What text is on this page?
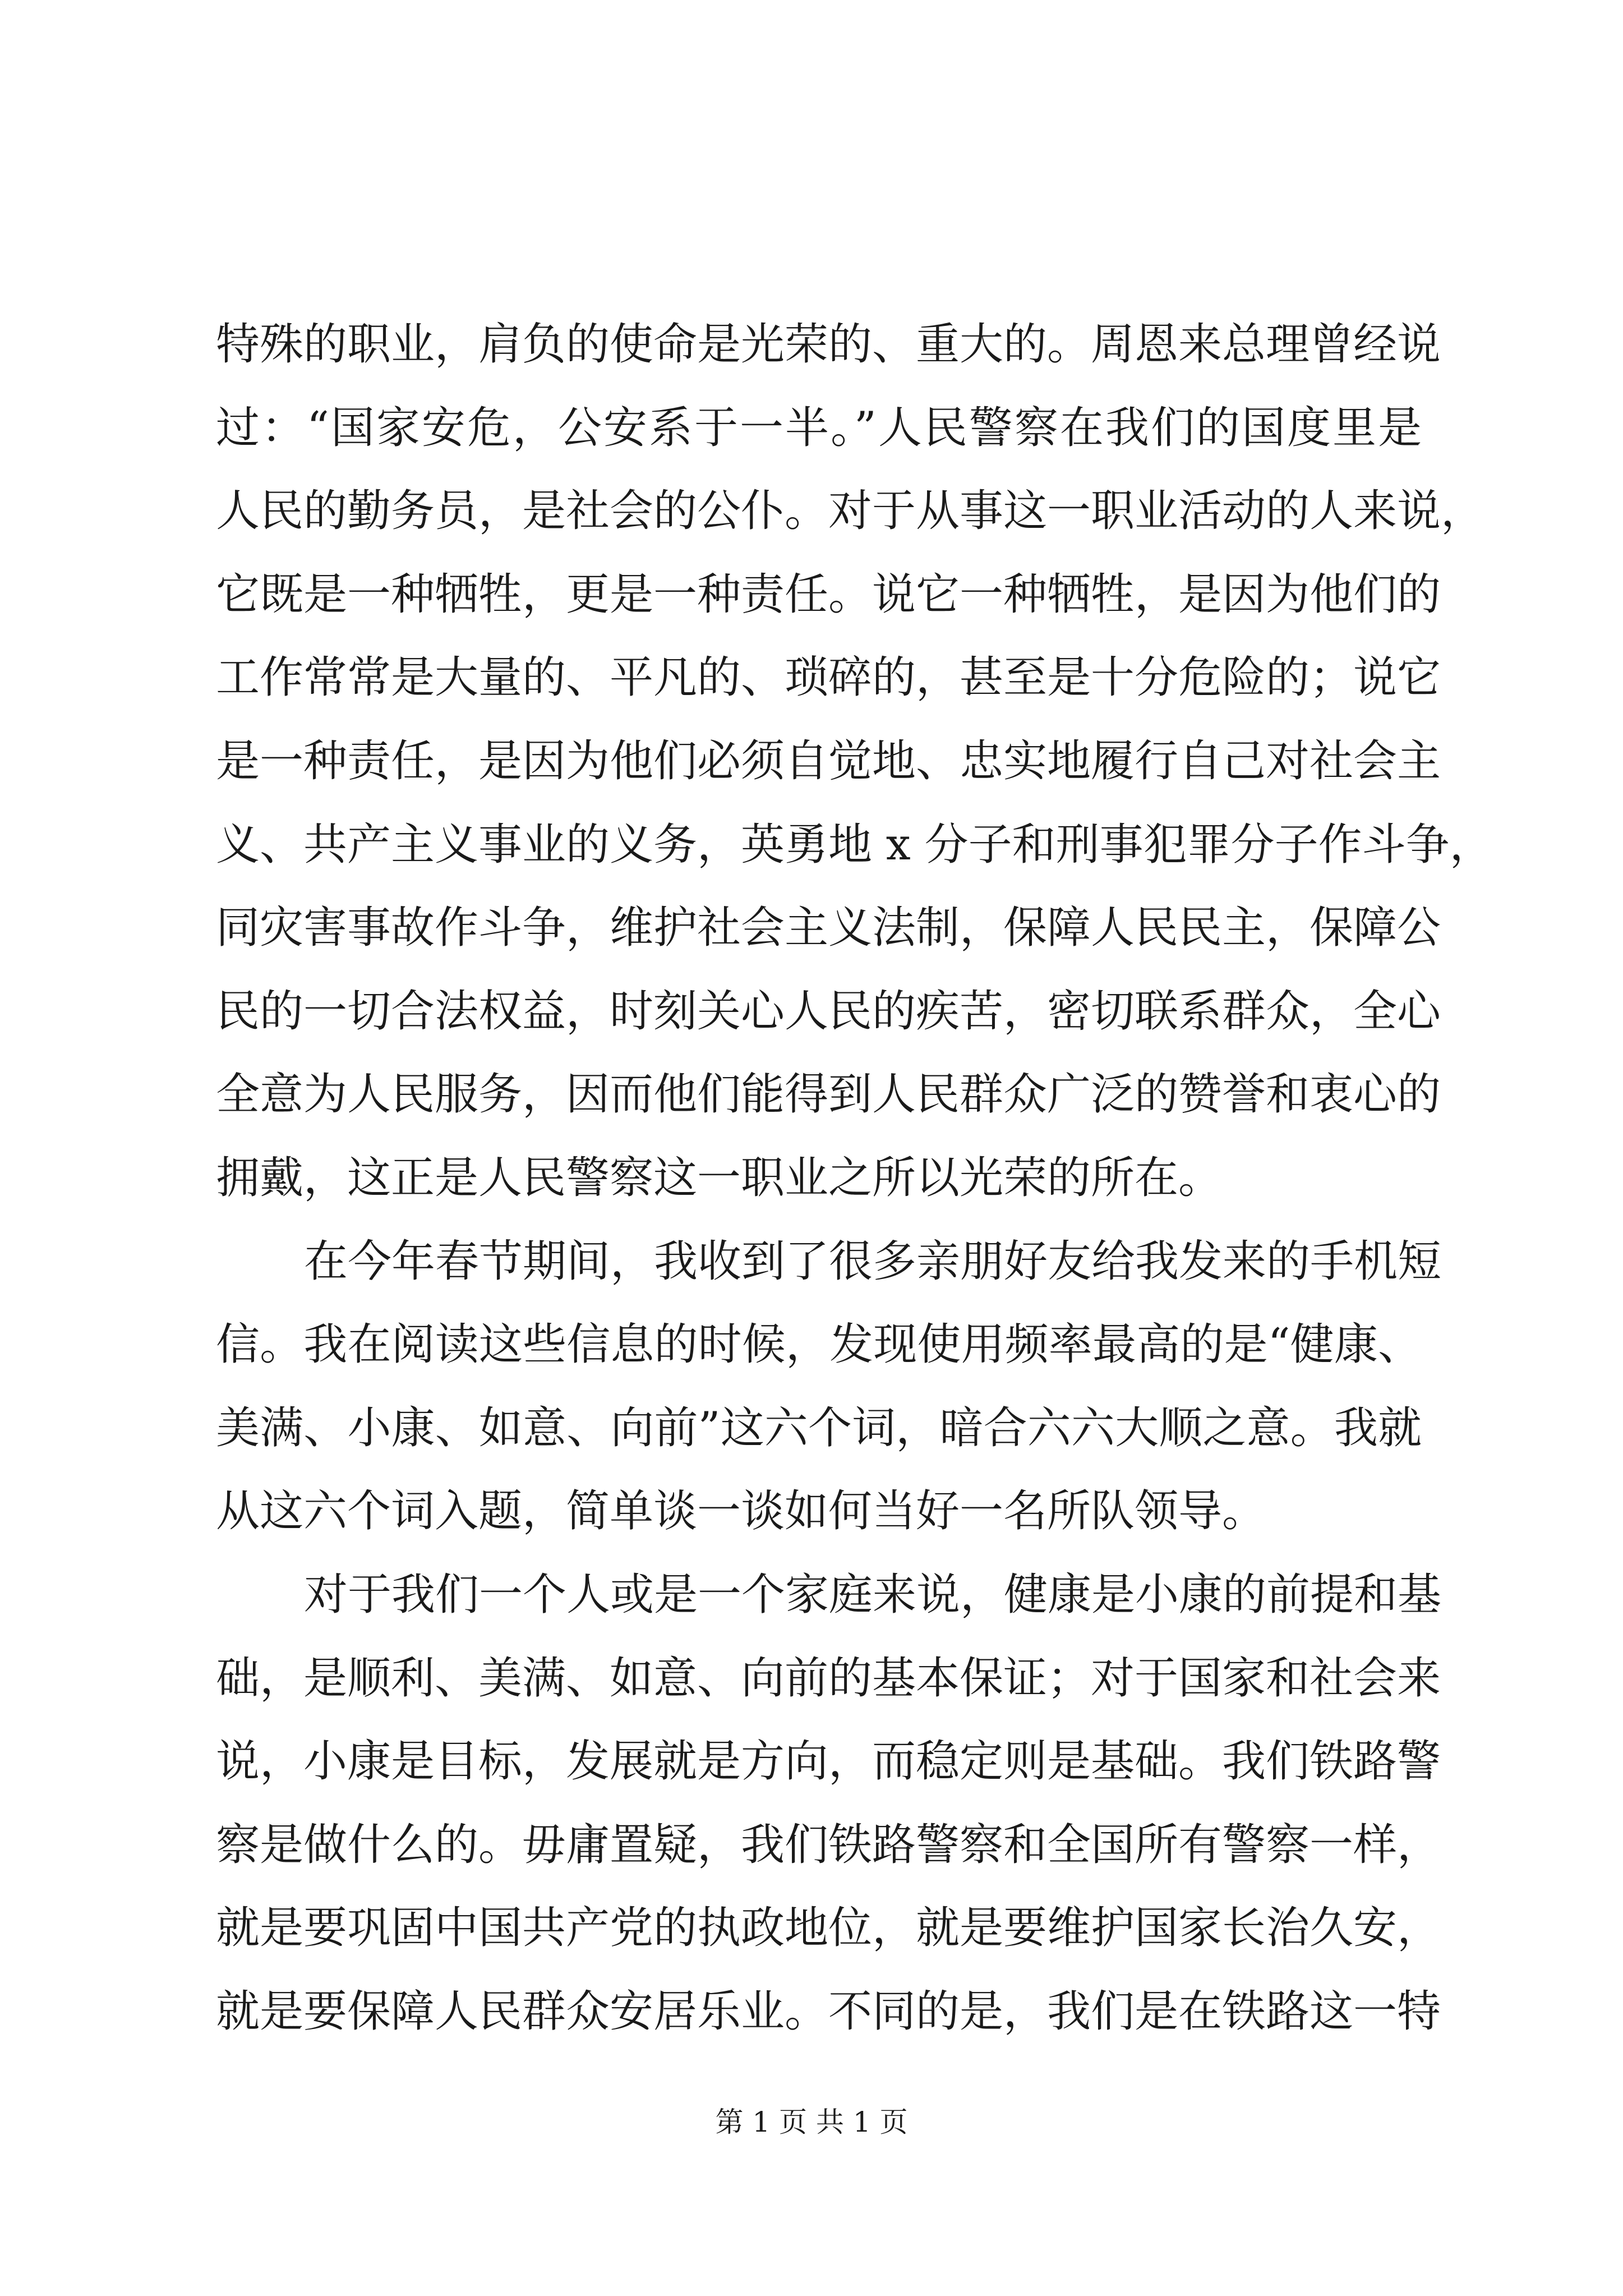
特殊的职业，肩负的使命是光荣的、重大的。周恩来总理曾经说
过：“国家安危，公安系于一半。”人民警察在我们的国度里是
人民的勤务员，是社会的公仆。对于从事这一职业活动的人来说，
它既是一种牺牲，更是一种责任。说它一种牺牲，是因为他们的
工作常常是大量的、平凡的、琐碎的，甚至是十分危险的；说它
是一种责任，是因为他们必须自觉地、忠实地履行自己对社会主
义、共产主义事业的义务，英勇地 x 分子和刑事犯罪分子作斗争，
同灾害事故作斗争，维护社会主义法制，保障人民民主，保障公
民的一切合法权益，时刻关心人民的疾苦，密切联系群众，全心
全意为人民服务，因而他们能得到人民群众广泛的赞誉和衷心的
拥戴，这正是人民警察这一职业之所以光荣的所在。
在今年春节期间，我收到了很多亲朋好友给我发来的手机短
信。我在阅读这些信息的时候，发现使用频率最高的是“健康、
美满、小康、如意、向前”这六个词，暗合六六大顺之意。我就
从这六个词入题，简单谈一谈如何当好一名所队领导。
对于我们一个人或是一个家庭来说，健康是小康的前提和基
础，是顺利、美满、如意、向前的基本保证；对于国家和社会来
说，小康是目标，发展就是方向，而稳定则是基础。我们铁路警
察是做什么的。毋庸置疑，我们铁路警察和全国所有警察一样，
就是要巩固中国共产党的执政地位，就是要维护国家长治久安，
就是要保障人民群众安居乐业。不同的是，我们是在铁路这一特
第 1 页 共 1 页
